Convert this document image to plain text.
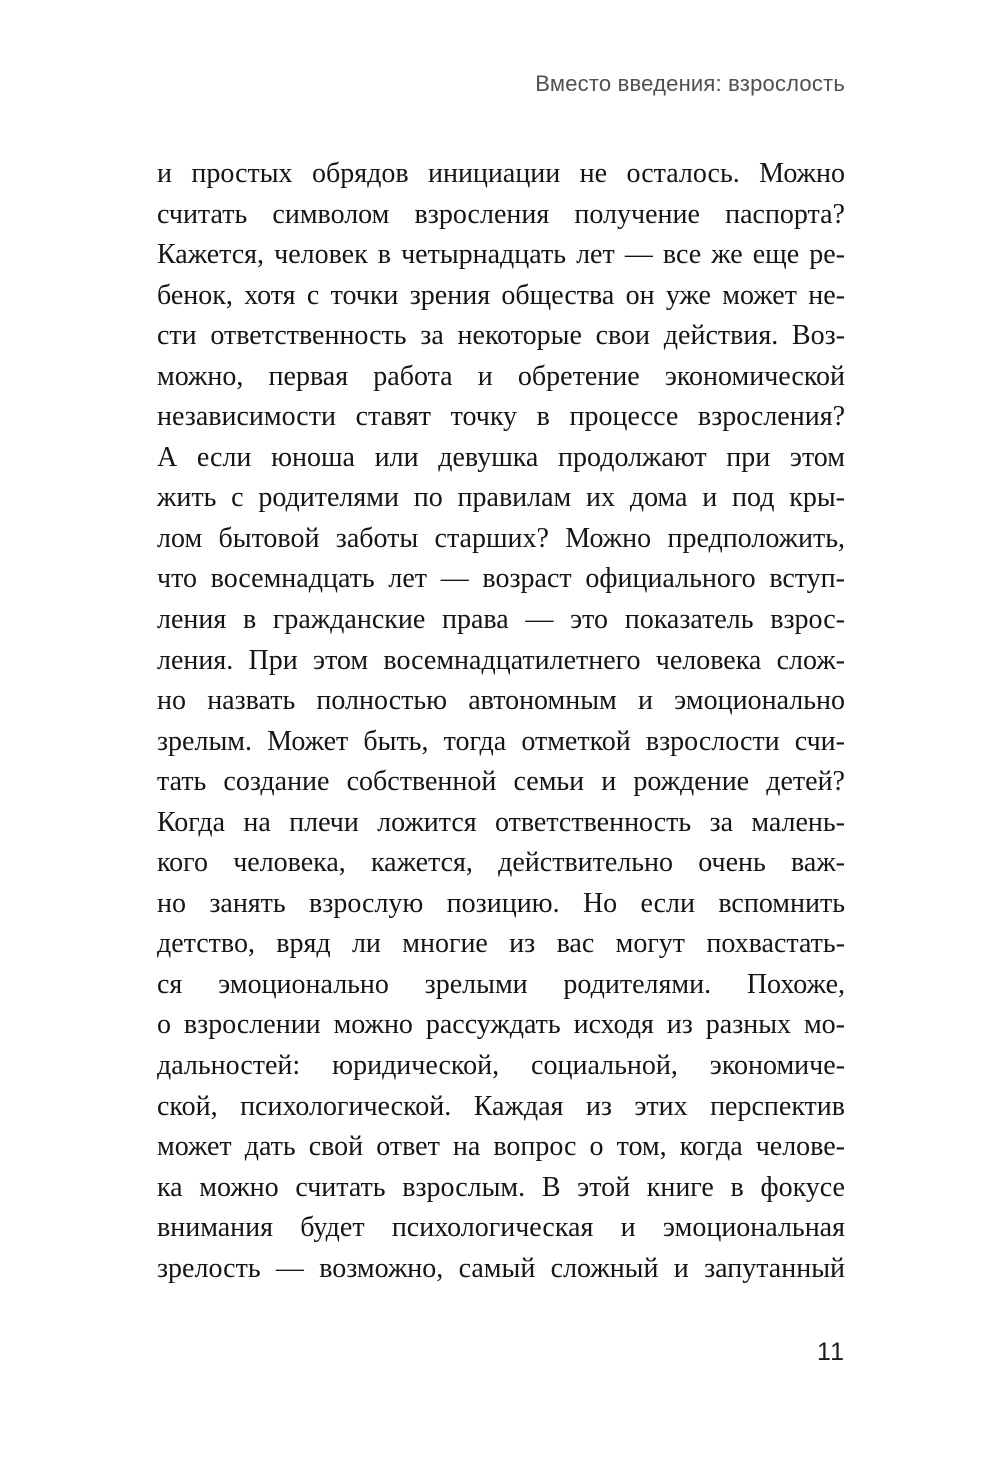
Вместо введения: взрослость
и простых обрядов инициации не осталось. Можно
считать символом взросления получение паспорта?
Кажется, человек в четырнадцать лет — все же еще ре-
бенок, хотя с точки зрения общества он уже может не-
сти ответственность за некоторые свои действия. Воз-
можно, первая работа и обретение экономической
независимости ставят точку в процессе взросления?
А если юноша или девушка продолжают при этом
жить с родителями по правилам их дома и под кры-
лом бытовой заботы старших? Можно предположить,
что восемнадцать лет — возраст официального вступ-
ления в гражданские права — это показатель взрос-
ления. При этом восемнадцатилетнего человека слож-
но назвать полностью автономным и эмоционально
зрелым. Может быть, тогда отметкой взрослости счи-
тать создание собственной семьи и рождение детей?
Когда на плечи ложится ответственность за малень-
кого человека, кажется, действительно очень важ-
но занять взрослую позицию. Но если вспомнить
детство, вряд ли многие из вас могут похвастать-
ся эмоционально зрелыми родителями. Похоже,
о взрослении можно рассуждать исходя из разных мо-
дальностей: юридической, социальной, экономиче-
ской, психологической. Каждая из этих перспектив
может дать свой ответ на вопрос о том, когда челове-
ка можно считать взрослым. В этой книге в фокусе
внимания будет психологическая и эмоциональная
зрелость — возможно, самый сложный и запутанный
11
